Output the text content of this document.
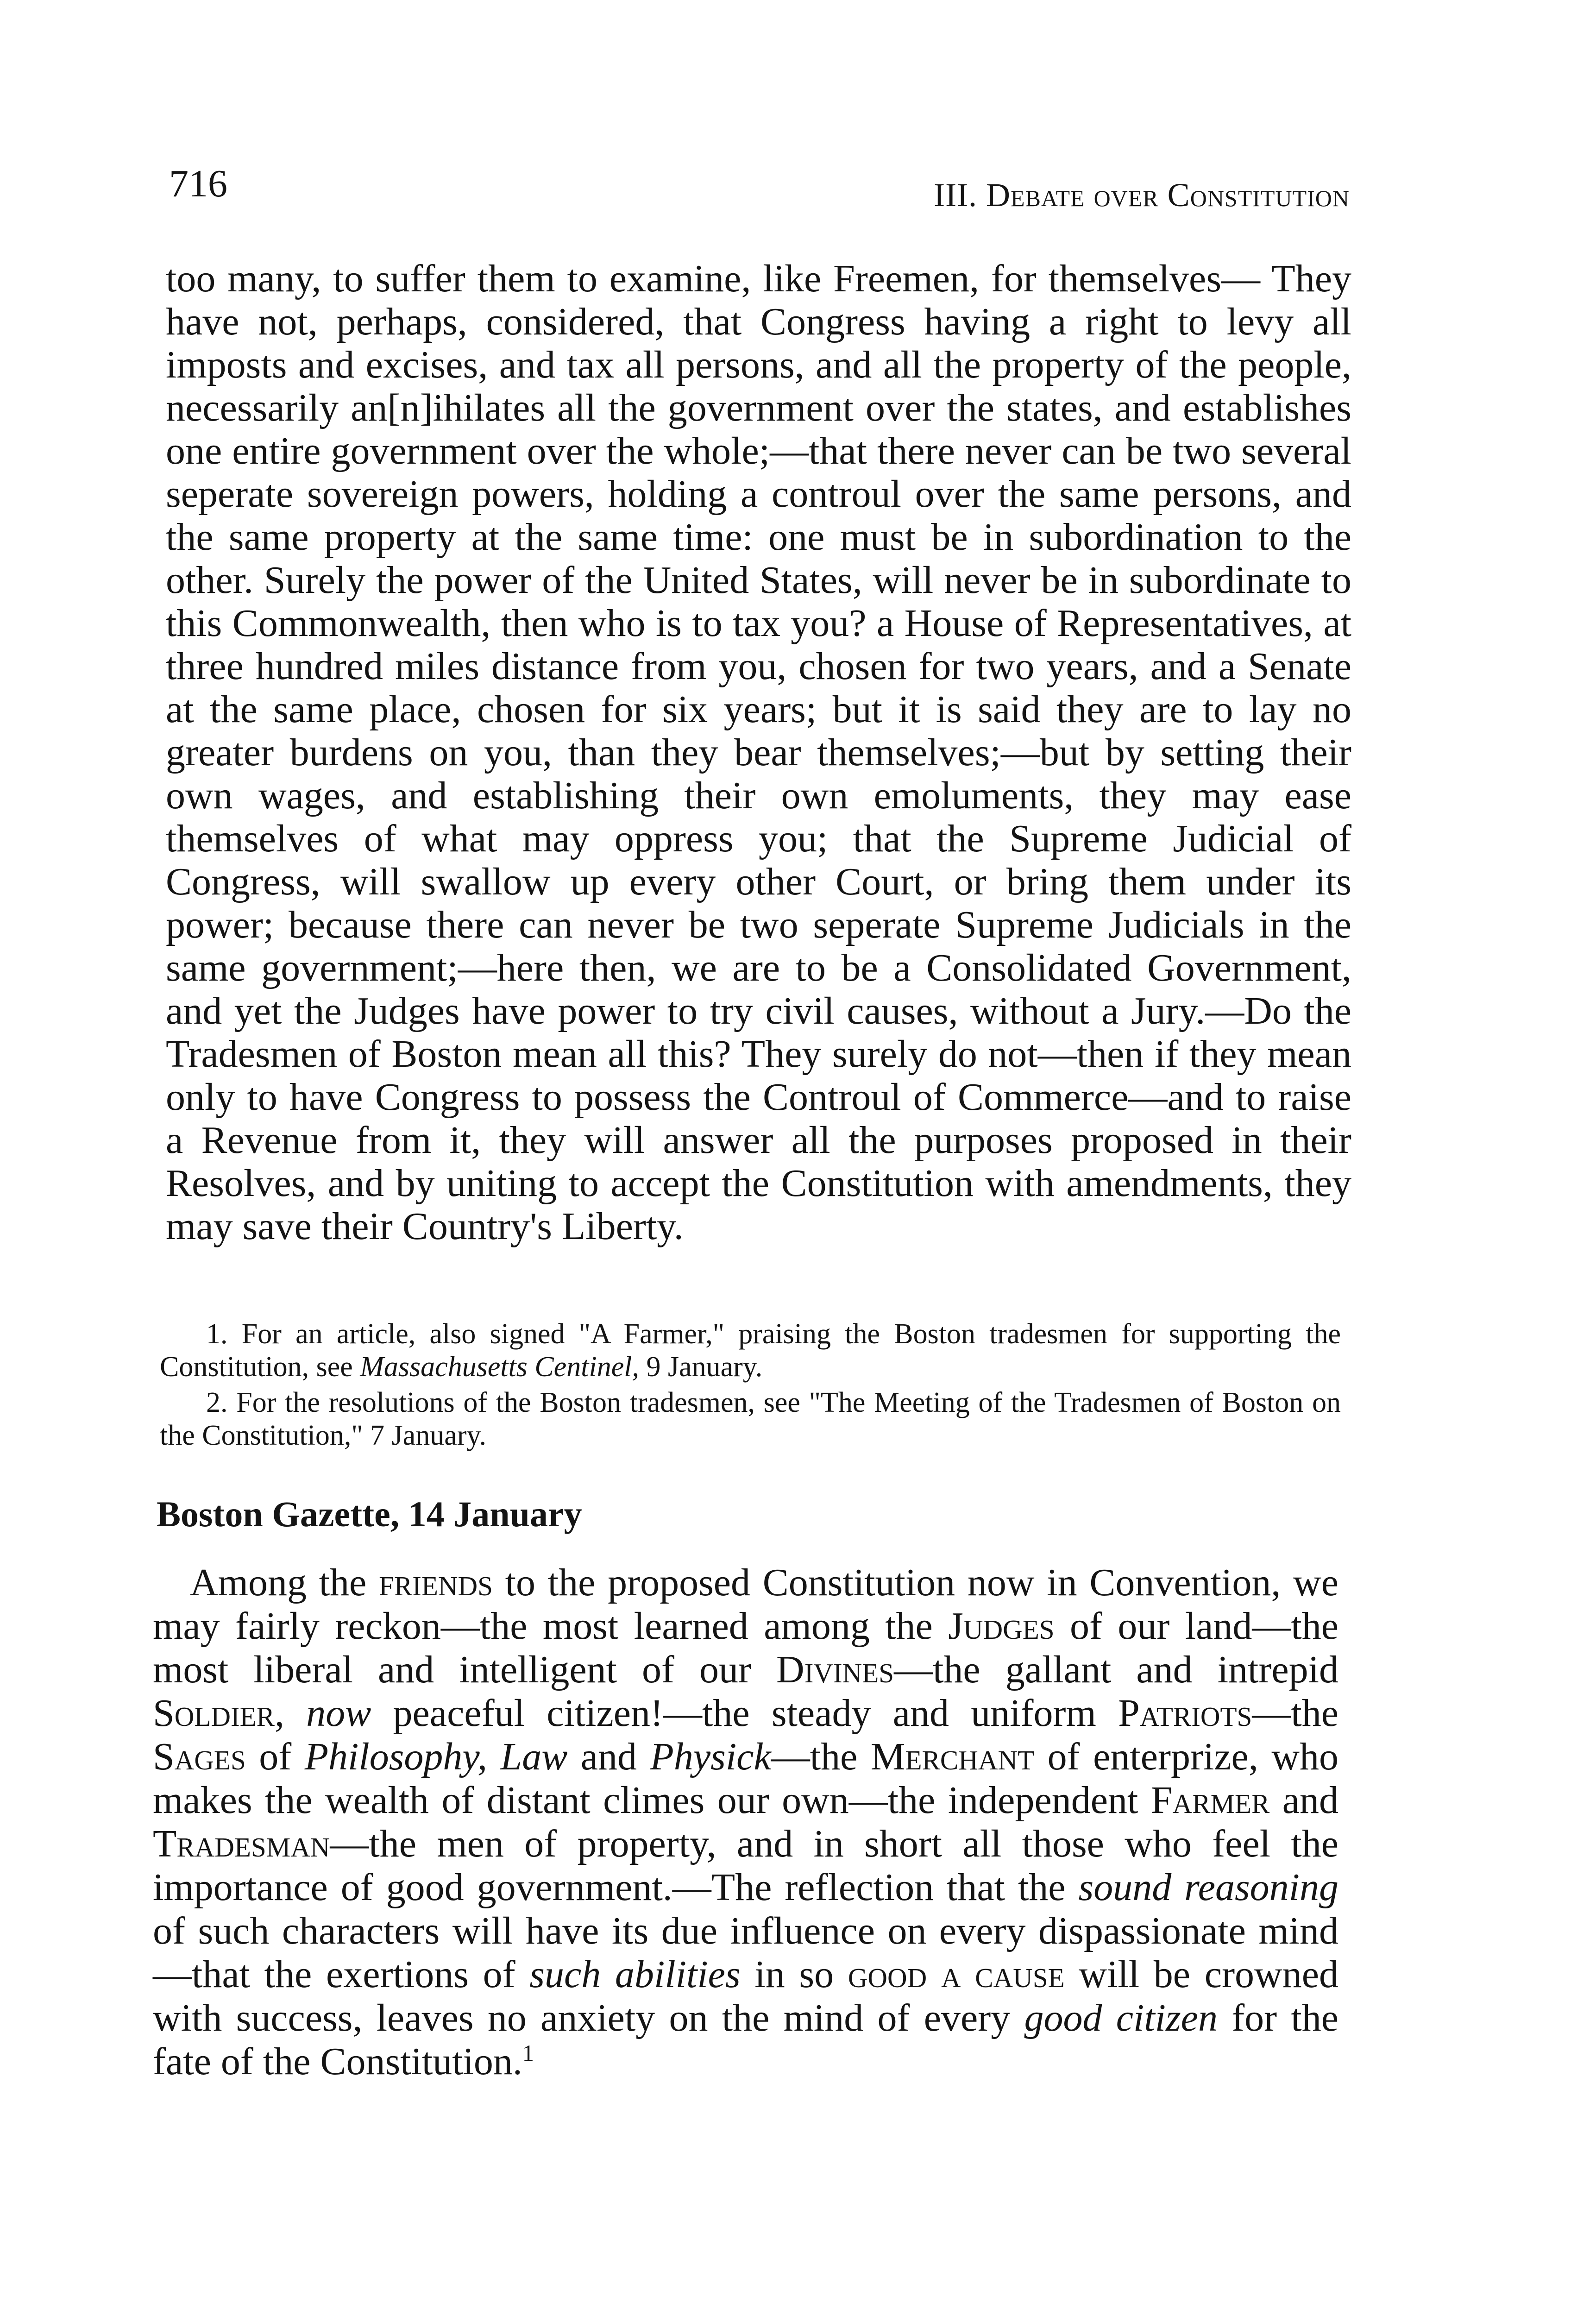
716	III. Debate over Constitution

too many, to suffer them to examine, like Freemen, for themselves— They have not, perhaps, considered, that Congress having a right to levy all imposts and excises, and tax all persons, and all the property of the people, necessarily an[n]ihilates all the government over the states, and establishes one entire government over the whole;—that there never can be two several seperate sovereign powers, holding a controul over the same persons, and the same property at the same time: one must be in subordination to the other. Surely the power of the United States, will never be in subordinate to this Commonwealth, then who is to tax you? a House of Representatives, at three hundred miles distance from you, chosen for two years, and a Senate at the same place, chosen for six years; but it is said they are to lay no greater burdens on you, than they bear themselves;—but by setting their own wages, and establishing their own emoluments, they may ease themselves of what may oppress you; that the Supreme Judicial of Congress, will swallow up every other Court, or bring them under its power; because there can never be two seperate Supreme Judicials in the same government;—here then, we are to be a Consolidated Government, and yet the Judges have power to try civil causes, without a Jury.—Do the Tradesmen of Boston mean all this? They surely do not—then if they mean only to have Congress to possess the Controul of Commerce—and to raise a Revenue from it, they will answer all the purposes proposed in their Resolves, and by uniting to accept the Constitution with amendments, they may save their Country's Liberty.

1. For an article, also signed "A Farmer," praising the Boston tradesmen for supporting the Constitution, see Massachusetts Centinel, 9 January.

2. For the resolutions of the Boston tradesmen, see "The Meeting of the Tradesmen of Boston on the Constitution," 7 January.

Boston Gazette, 14 January

Among the friends to the proposed Constitution now in Convention, we may fairly reckon—the most learned among the Judges of our land—the most liberal and intelligent of our Divines—the gallant and intrepid Soldier, now peaceful citizen!—the steady and uniform Patriots—the Sages of Philosophy, Law and Physick—the Merchant of enterprize, who makes the wealth of distant climes our own—the independent Farmer and Tradesman—the men of property, and in short all those who feel the importance of good government.—The reflection that the sound reasoning of such characters will have its due influence on every dispassionate mind—that the exertions of such abilities in so good a cause will be crowned with success, leaves no anxiety on the mind of every good citizen for the fate of the Constitution.$^1$
